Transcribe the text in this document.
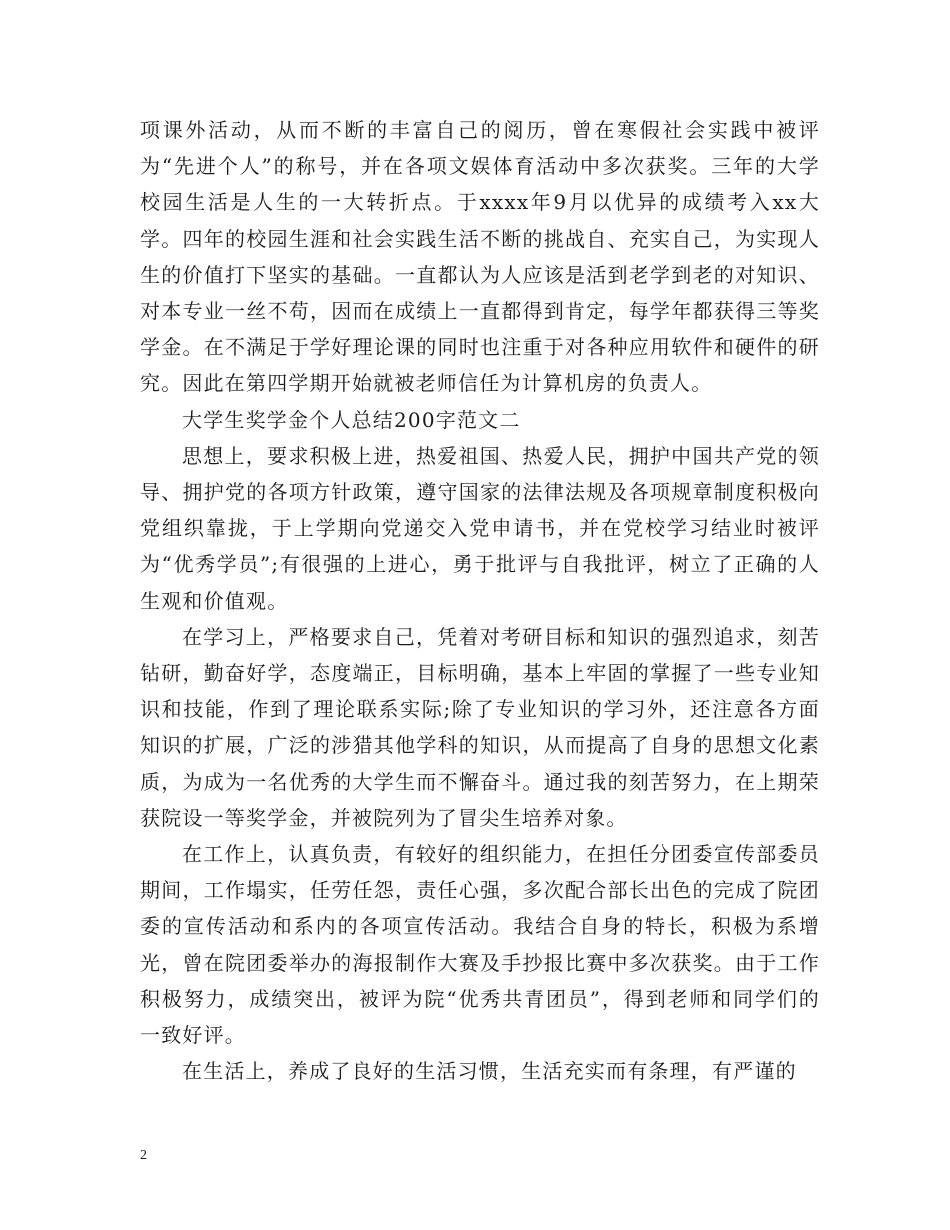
项课外活动，从而不断的丰富自己的阅历，曾在寒假社会实践中被评为“先进个人”的称号，并在各项文娱体育活动中多次获奖。三年的大学校园生活是人生的一大转折点。于xxxx年9月以优异的成绩考入xx大学。四年的校园生涯和社会实践生活不断的挑战自、充实自己，为实现人生的价值打下坚实的基础。一直都认为人应该是活到老学到老的对知识、对本专业一丝不苟，因而在成绩上一直都得到肯定，每学年都获得三等奖学金。在不满足于学好理论课的同时也注重于对各种应用软件和硬件的研究。因此在第四学期开始就被老师信任为计算机房的负责人。

大学生奖学金个人总结200字范文二

思想上，要求积极上进，热爱祖国、热爱人民，拥护中国共产党的领导、拥护党的各项方针政策，遵守国家的法律法规及各项规章制度积极向党组织靠拢，于上学期向党递交入党申请书，并在党校学习结业时被评为“优秀学员”;有很强的上进心，勇于批评与自我批评，树立了正确的人生观和价值观。

在学习上，严格要求自己，凭着对考研目标和知识的强烈追求，刻苦钻研，勤奋好学，态度端正，目标明确，基本上牢固的掌握了一些专业知识和技能，作到了理论联系实际;除了专业知识的学习外，还注意各方面知识的扩展，广泛的涉猎其他学科的知识，从而提高了自身的思想文化素质，为成为一名优秀的大学生而不懈奋斗。通过我的刻苦努力，在上期荣获院设一等奖学金，并被院列为了冒尖生培养对象。

在工作上，认真负责，有较好的组织能力，在担任分团委宣传部委员期间，工作塌实，任劳任怨，责任心强，多次配合部长出色的完成了院团委的宣传活动和系内的各项宣传活动。我结合自身的特长，积极为系增光，曾在院团委举办的海报制作大赛及手抄报比赛中多次获奖。由于工作积极努力，成绩突出，被评为院“优秀共青团员”，得到老师和同学们的一致好评。

在生活上，养成了良好的生活习惯，生活充实而有条理，有严谨的

2
